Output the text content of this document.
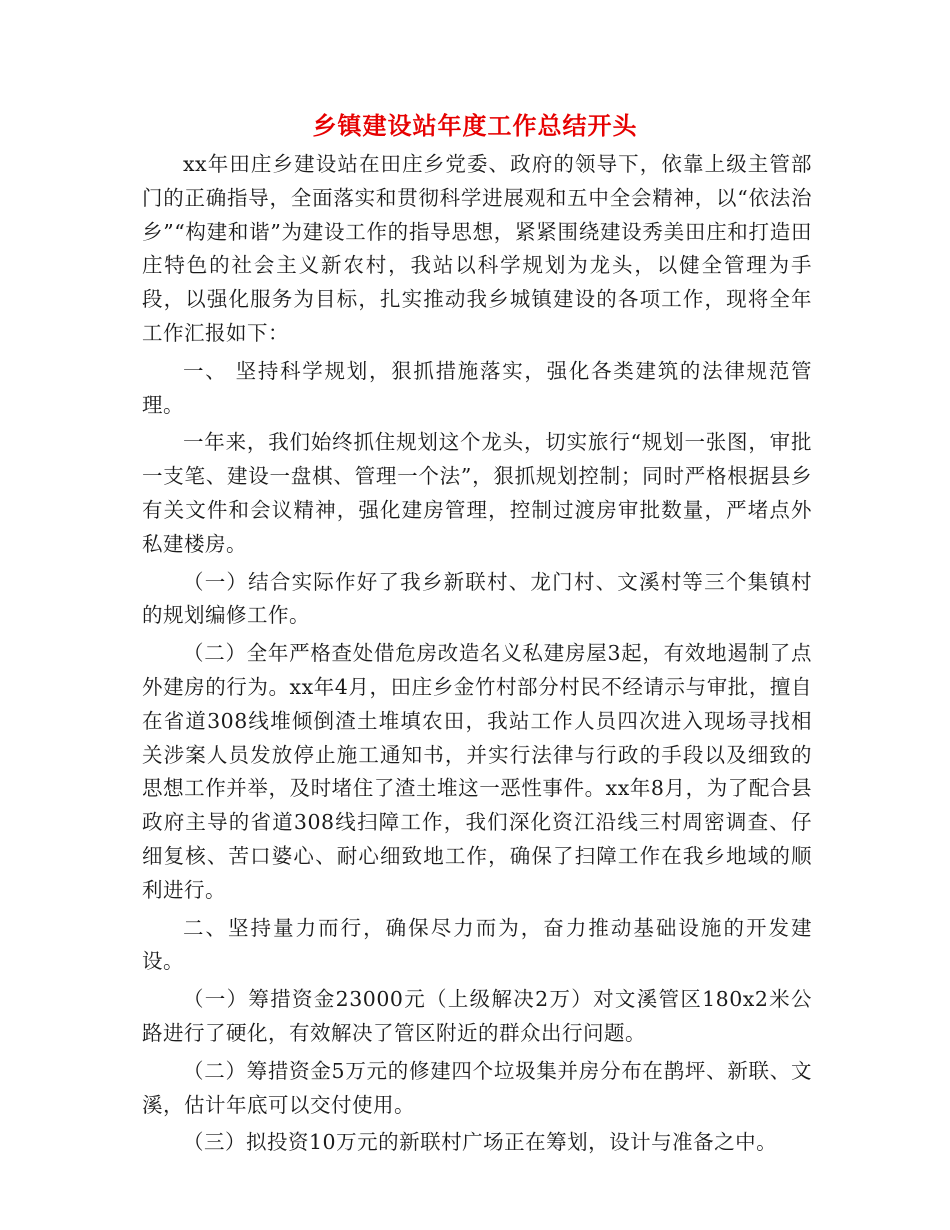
乡镇建设站年度工作总结开头

xx年田庄乡建设站在田庄乡党委、政府的领导下，依靠上级主管部门的正确指导，全面落实和贯彻科学进展观和五中全会精神，以“依法治乡”“构建和谐”为建设工作的指导思想，紧紧围绕建设秀美田庄和打造田庄特色的社会主义新农村，我站以科学规划为龙头，以健全管理为手段，以强化服务为目标，扎实推动我乡城镇建设的各项工作，现将全年工作汇报如下：

一、 坚持科学规划，狠抓措施落实，强化各类建筑的法律规范管理。

一年来，我们始终抓住规划这个龙头，切实旅行“规划一张图，审批一支笔、建设一盘棋、管理一个法”，狠抓规划控制；同时严格根据县乡有关文件和会议精神，强化建房管理，控制过渡房审批数量，严堵点外私建楼房。

（一）结合实际作好了我乡新联村、龙门村、文溪村等三个集镇村的规划编修工作。

（二）全年严格查处借危房改造名义私建房屋3起，有效地遏制了点外建房的行为。xx年4月，田庄乡金竹村部分村民不经请示与审批，擅自在省道308线堆倾倒渣土堆填农田，我站工作人员四次进入现场寻找相关涉案人员发放停止施工通知书，并实行法律与行政的手段以及细致的思想工作并举，及时堵住了渣土堆这一恶性事件。xx年8月，为了配合县政府主导的省道308线扫障工作，我们深化资江沿线三村周密调查、仔细复核、苦口婆心、耐心细致地工作，确保了扫障工作在我乡地域的顺利进行。

二、坚持量力而行，确保尽力而为，奋力推动基础设施的开发建设。

（一）筹措资金23000元（上级解决2万）对文溪管区180x2米公路进行了硬化，有效解决了管区附近的群众出行问题。

（二）筹措资金5万元的修建四个垃圾集并房分布在鹊坪、新联、文溪，估计年底可以交付使用。

（三）拟投资10万元的新联村广场正在筹划，设计与准备之中。
